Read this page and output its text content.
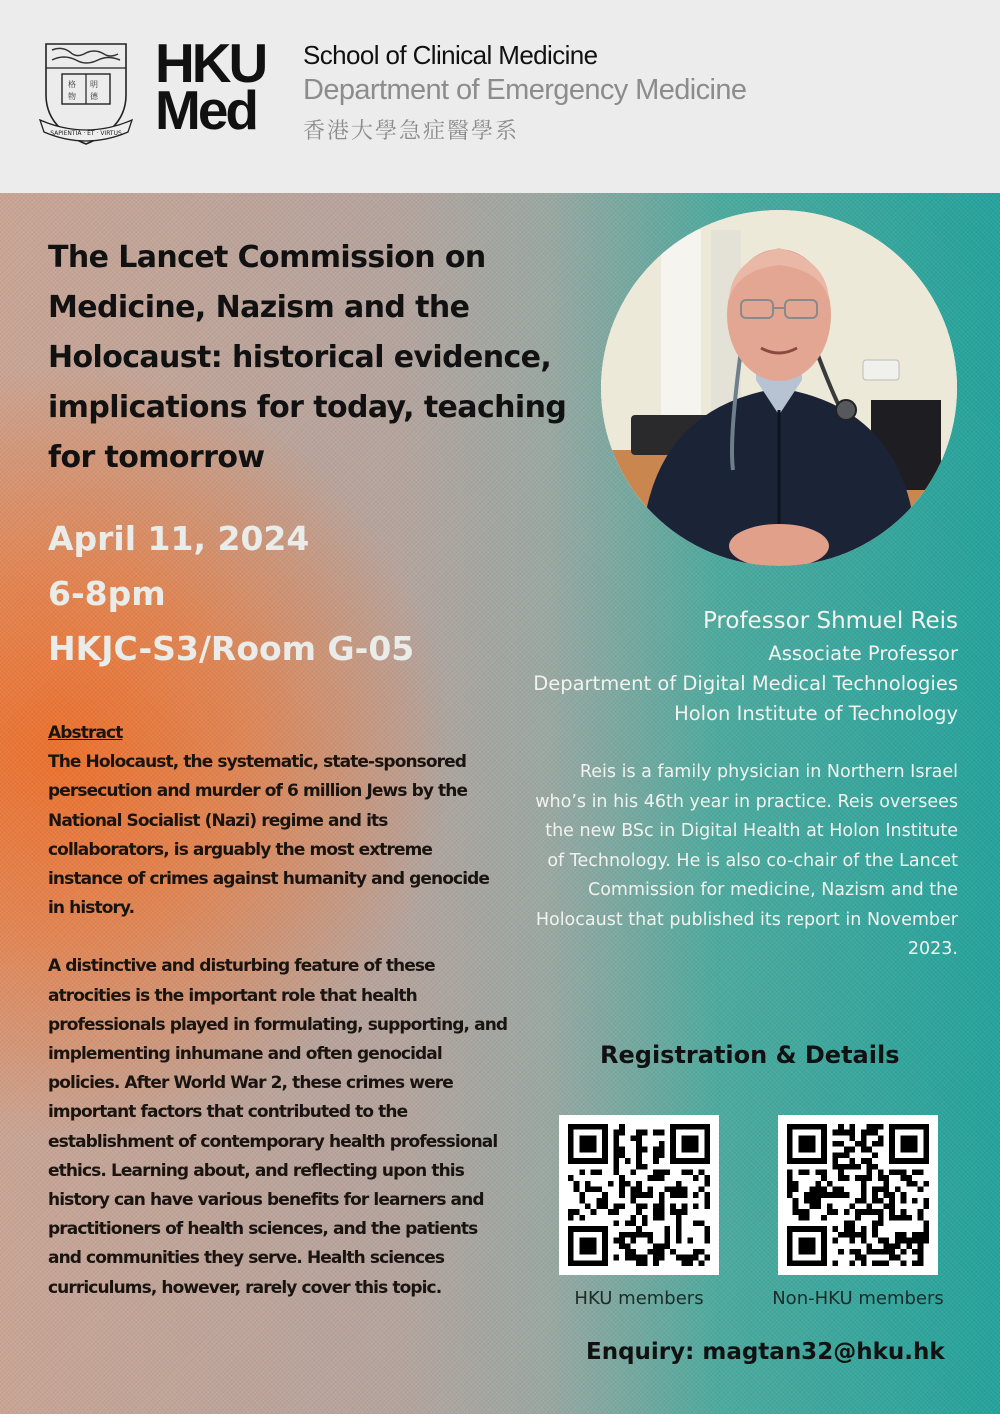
格 明
物 德
SAPIENTIA · ET · VIRTUS
HKU
Med
School of Clinical Medicine
Department of Emergency Medicine
香港大學急症醫學系
The Lancet Commission on Medicine, Nazism and the Holocaust: historical evidence, implications for today, teaching for tomorrow
April 11, 2024
6-8pm
HKJC-S3/Room G-05
Professor Shmuel Reis
Associate Professor
Department of Digital Medical Technologies
Holon Institute of Technology
Reis is a family physician in Northern Israel who’s in his 46th year in practice. Reis oversees the new BSc in Digital Health at Holon Institute of Technology. He is also co-chair of the Lancet Commission for medicine, Nazism and the Holocaust that published its report in November 2023.
Abstract

The Holocaust, the systematic, state-sponsored persecution and murder of 6 million Jews by the National Socialist (Nazi) regime and its collaborators, is arguably the most extreme instance of crimes against humanity and genocide in history.

A distinctive and disturbing feature of these atrocities is the important role that health professionals played in formulating, supporting, and implementing inhumane and often genocidal policies. After World War 2, these crimes were important factors that contributed to the establishment of contemporary health professional ethics. Learning about, and reflecting upon this history can have various benefits for learners and practitioners of health sciences, and the patients and communities they serve. Health sciences curriculums, however, rarely cover this topic.

Registration & Details
HKU members	Non-HKU members
Enquiry: magtan32@hku.hk
